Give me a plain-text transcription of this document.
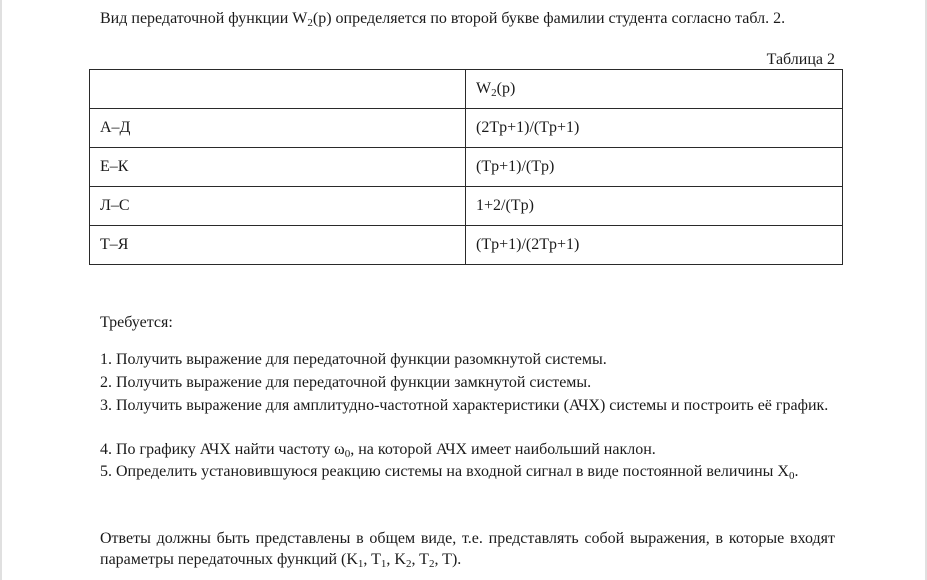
Вид передаточной функции $W_2(p)$ определяется по второй букве фамилии студента согласно табл. 2.
Таблица 2
	$W_2(p)$
А–Д	(2Tp+1)/(Tp+1)
Е–К	(Tp+1)/(Tp)
Л–С	1+2/(Tp)
Т–Я	(Tp+1)/(2Tp+1)
Требуется:
1. Получить выражение для передаточной функции разомкнутой системы.
2. Получить выражение для передаточной функции замкнутой системы.
3. Получить выражение для амплитудно-частотной характеристики (АЧХ) системы и построить её график.
4. По графику АЧХ найти частоту $\omega_0$, на которой АЧХ имеет наибольший наклон.
5. Определить установившуюся реакцию системы на входной сигнал в виде постоянной величины $X_0$.
Ответы должны быть представлены в общем виде, т.е. представлять собой выражения, в которые входят параметры передаточных функций ($K_1$, $T_1$, $K_2$, $T_2$, T).
